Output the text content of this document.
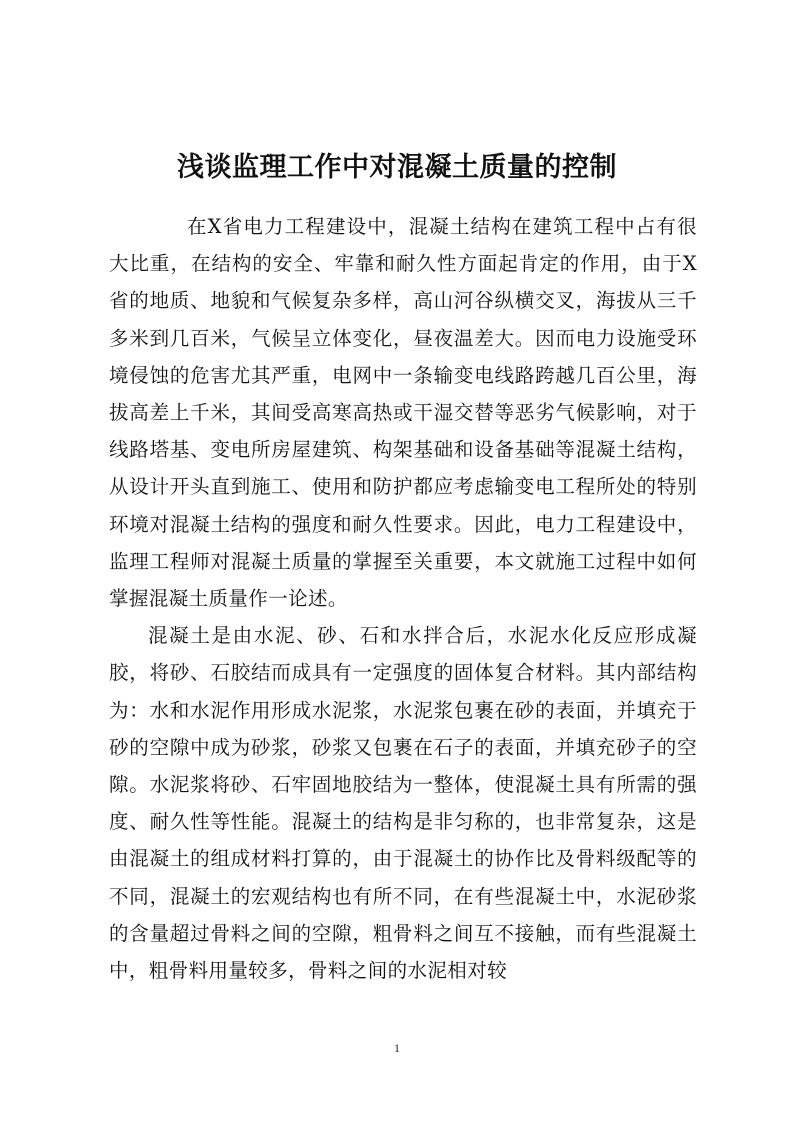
浅谈监理工作中对混凝土质量的控制

在X省电力工程建设中，混凝土结构在建筑工程中占有很大比重，在结构的安全、牢靠和耐久性方面起肯定的作用，由于X省的地质、地貌和气候复杂多样，高山河谷纵横交叉，海拔从三千多米到几百米，气候呈立体变化，昼夜温差大。因而电力设施受环境侵蚀的危害尤其严重，电网中一条输变电线路跨越几百公里，海拔高差上千米，其间受高寒高热或干湿交替等恶劣气候影响，对于线路塔基、变电所房屋建筑、构架基础和设备基础等混凝土结构，从设计开头直到施工、使用和防护都应考虑输变电工程所处的特别环境对混凝土结构的强度和耐久性要求。因此，电力工程建设中，监理工程师对混凝土质量的掌握至关重要，本文就施工过程中如何掌握混凝土质量作一论述。

混凝土是由水泥、砂、石和水拌合后，水泥水化反应形成凝胶，将砂、石胶结而成具有一定强度的固体复合材料。其内部结构为：水和水泥作用形成水泥浆，水泥浆包裹在砂的表面，并填充于砂的空隙中成为砂浆，砂浆又包裹在石子的表面，并填充砂子的空隙。水泥浆将砂、石牢固地胶结为一整体，使混凝土具有所需的强度、耐久性等性能。混凝土的结构是非匀称的，也非常复杂，这是由混凝土的组成材料打算的，由于混凝土的协作比及骨料级配等的不同，混凝土的宏观结构也有所不同，在有些混凝土中，水泥砂浆的含量超过骨料之间的空隙，粗骨料之间互不接触，而有些混凝土中，粗骨料用量较多，骨料之间的水泥相对较

1
